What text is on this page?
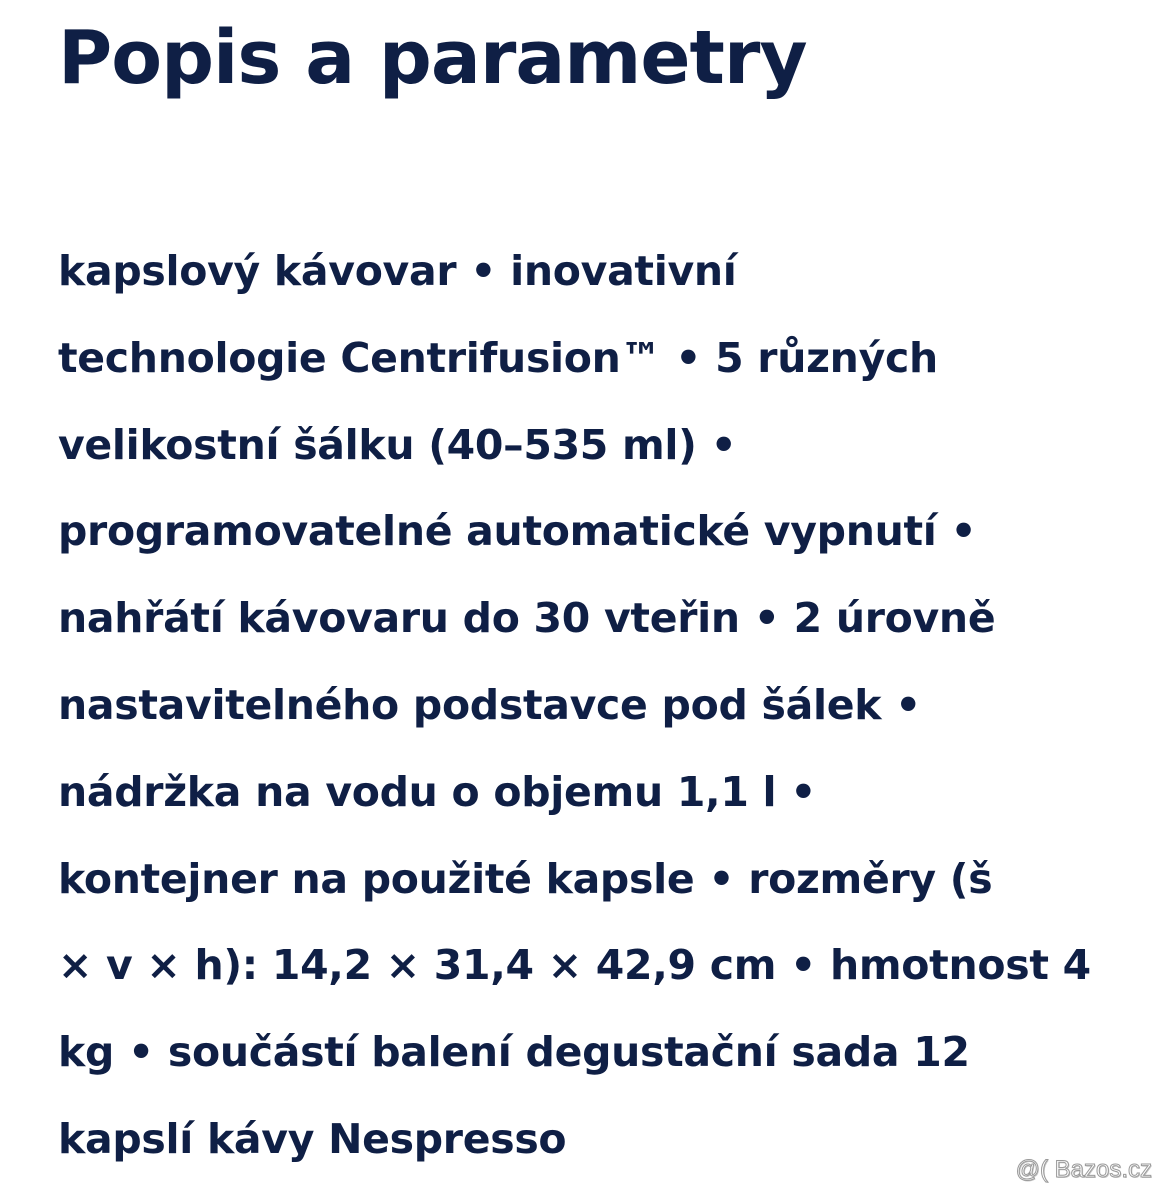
Popis a parametry
kapslový kávovar • inovativní
technologie Centrifusion™ • 5 různých
velikostní šálku (40–535 ml) •
programovatelné automatické vypnutí •
nahřátí kávovaru do 30 vteřin • 2 úrovně
nastavitelného podstavce pod šálek •
nádržka na vodu o objemu 1,1 l •
kontejner na použité kapsle • rozměry (š
× v × h): 14,2 × 31,4 × 42,9 cm • hmotnost 4
kg • součástí balení degustační sada 12
kapslí kávy Nespresso
@( Bazos.cz
